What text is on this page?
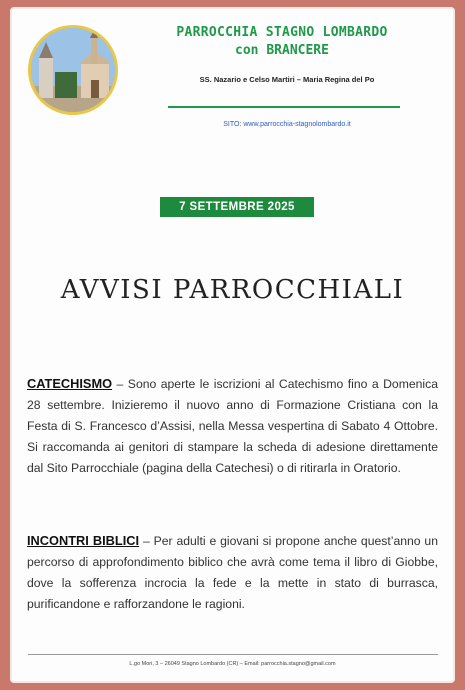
PARROCCHIA STAGNO LOMBARDO
con BRANCERE
SS. Nazario e Celso Martiri – Maria Regina del Po
SITO: www.parrocchia-stagnolombardo.it
7 SETTEMBRE 2025
AVVISI PARROCCHIALI
CATECHISMO – Sono aperte le iscrizioni al Catechismo fino a Domenica 28 settembre. Inizieremo il nuovo anno di Formazione Cristiana con la Festa di S. Francesco d’Assisi, nella Messa vespertina di Sabato 4 Ottobre. Si raccomanda ai genitori di stampare la scheda di adesione direttamente dal Sito Parrocchiale (pagina della Catechesi) o di ritirarla in Oratorio.
INCONTRI BIBLICI – Per adulti e giovani si propone anche quest’anno un percorso di approfondimento biblico che avrà come tema il libro di Giobbe, dove la sofferenza incrocia la fede e la mette in stato di burrasca, purificandone e rafforzandone le ragioni.
L.go Mori, 3 – 26049 Stagno Lombardo (CR) – Email: parrocchia.stagno@gmail.com
